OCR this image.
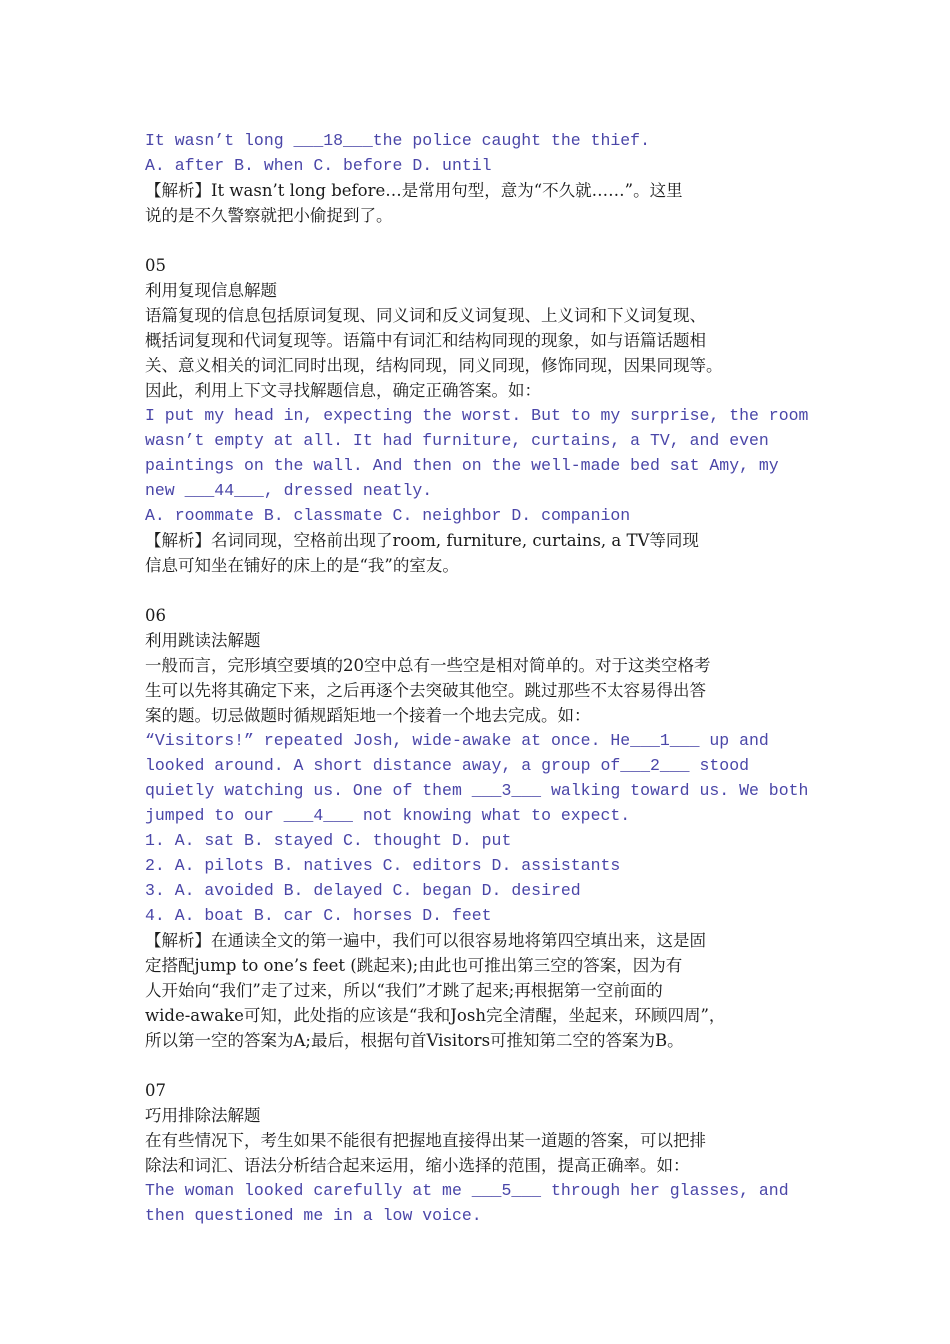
It wasn’t long ___18___the police caught the thief.
A. after B. when C. before D. until
【解析】It wasn’t long before…是常用句型，意为“不久就……”。这里
说的是不久警察就把小偷捉到了。
05
利用复现信息解题
语篇复现的信息包括原词复现、同义词和反义词复现、上义词和下义词复现、
概括词复现和代词复现等。语篇中有词汇和结构同现的现象，如与语篇话题相
关、意义相关的词汇同时出现，结构同现，同义同现，修饰同现，因果同现等。
因此，利用上下文寻找解题信息，确定正确答案。如：
I put my head in, expecting the worst. But to my surprise, the room
wasn’t empty at all. It had furniture, curtains, a TV, and even
paintings on the wall. And then on the well-made bed sat Amy, my
new ___44___, dressed neatly.
A. roommate B. classmate C. neighbor D. companion
【解析】名词同现，空格前出现了room, furniture, curtains, a TV等同现
信息可知坐在铺好的床上的是“我”的室友。
06
利用跳读法解题
一般而言，完形填空要填的20空中总有一些空是相对简单的。对于这类空格考
生可以先将其确定下来，之后再逐个去突破其他空。跳过那些不太容易得出答
案的题。切忌做题时循规蹈矩地一个接着一个地去完成。如：
“Visitors!” repeated Josh, wide-awake at once. He___1___ up and
looked around. A short distance away, a group of___2___ stood
quietly watching us. One of them ___3___ walking toward us. We both
jumped to our ___4___ not knowing what to expect.
1. A. sat B. stayed C. thought D. put
2. A. pilots B. natives C. editors D. assistants
3. A. avoided B. delayed C. began D. desired
4. A. boat B. car C. horses D. feet
【解析】在通读全文的第一遍中，我们可以很容易地将第四空填出来，这是固
定搭配jump to one’s feet (跳起来);由此也可推出第三空的答案，因为有
人开始向“我们”走了过来，所以“我们”才跳了起来;再根据第一空前面的
wide-awake可知，此处指的应该是“我和Josh完全清醒，坐起来，环顾四周”，
所以第一空的答案为A;最后，根据句首Visitors可推知第二空的答案为B。
07
巧用排除法解题
在有些情况下，考生如果不能很有把握地直接得出某一道题的答案，可以把排
除法和词汇、语法分析结合起来运用，缩小选择的范围，提高正确率。如：
The woman looked carefully at me ___5___ through her glasses, and
then questioned me in a low voice.
